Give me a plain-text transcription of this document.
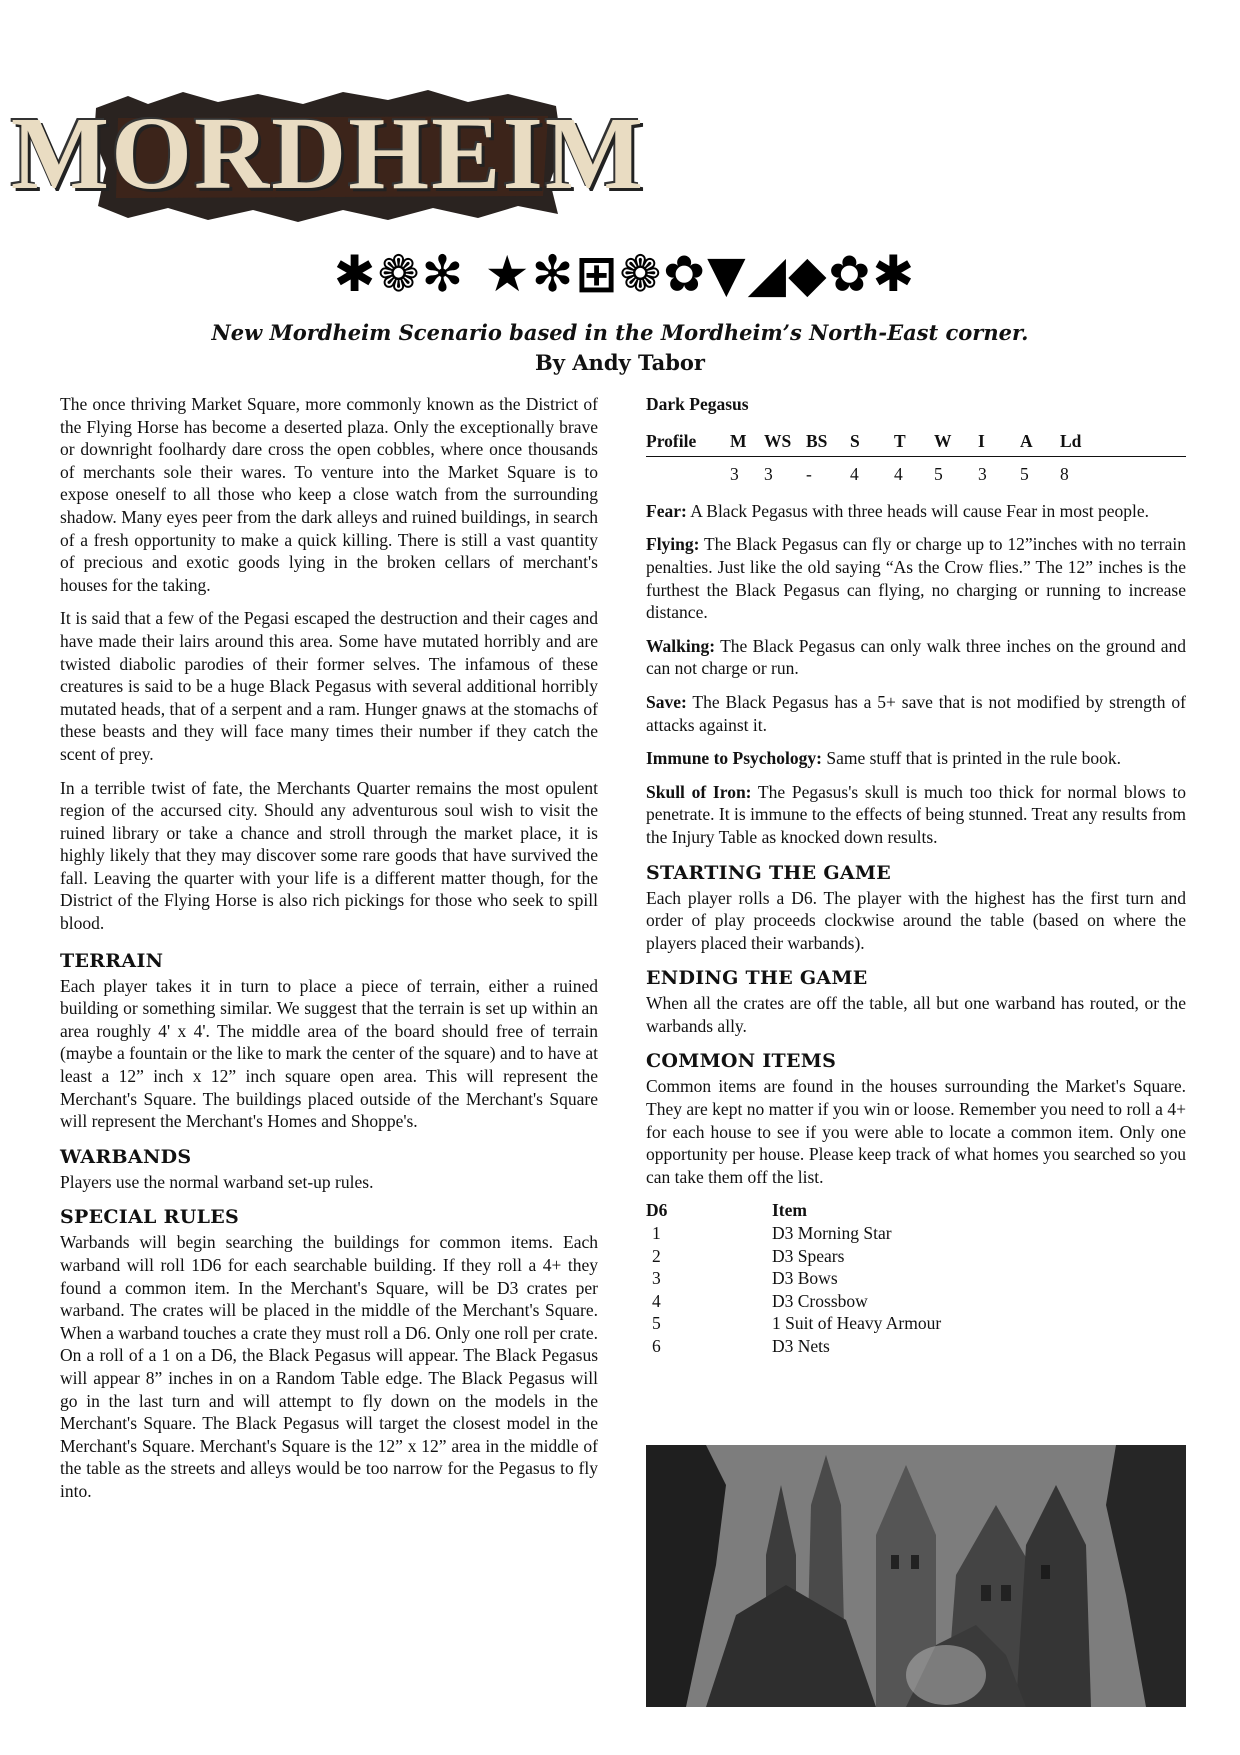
MORDHEIM
✱❁✻ ★✻⊞❁✿▼◢◆✿✱
New Mordheim Scenario based in the Mordheim’s North-East corner.
By Andy Tabor

The once thriving Market Square, more commonly known as the District of the Flying Horse has become a deserted plaza. Only the exceptionally brave or downright foolhardy dare cross the open cobbles, where once thousands of merchants sole their wares. To venture into the Market Square is to expose oneself to all those who keep a close watch from the surrounding shadow. Many eyes peer from the dark alleys and ruined buildings, in search of a fresh opportunity to make a quick killing. There is still a vast quantity of precious and exotic goods lying in the broken cellars of merchant's houses for the taking.

It is said that a few of the Pegasi escaped the destruction and their cages and have made their lairs around this area. Some have mutated horribly and are twisted diabolic parodies of their former selves. The infamous of these creatures is said to be a huge Black Pegasus with several additional horribly mutated heads, that of a serpent and a ram. Hunger gnaws at the stomachs of these beasts and they will face many times their number if they catch the scent of prey.

In a terrible twist of fate, the Merchants Quarter remains the most opulent region of the accursed city. Should any adventurous soul wish to visit the ruined library or take a chance and stroll through the market place, it is highly likely that they may discover some rare goods that have survived the fall. Leaving the quarter with your life is a different matter though, for the District of the Flying Horse is also rich pickings for those who seek to spill blood.

TERRAIN

Each player takes it in turn to place a piece of terrain, either a ruined building or something similar. We suggest that the terrain is set up within an area roughly 4' x 4'. The middle area of the board should free of terrain (maybe a fountain or the like to mark the center of the square) and to have at least a 12” inch x 12” inch square open area. This will represent the Merchant's Square. The buildings placed outside of the Merchant's Square will represent the Merchant's Homes and Shoppe's.

WARBANDS

Players use the normal warband set-up rules.

SPECIAL RULES

Warbands will begin searching the buildings for common items. Each warband will roll 1D6 for each searchable building. If they roll a 4+ they found a common item. In the Merchant's Square, will be D3 crates per warband. The crates will be placed in the middle of the Merchant's Square. When a warband touches a crate they must roll a D6. Only one roll per crate. On a roll of a 1 on a D6, the Black Pegasus will appear. The Black Pegasus will appear 8” inches in on a Random Table edge. The Black Pegasus will go in the last turn and will attempt to fly down on the models in the Merchant's Square. The Black Pegasus will target the closest model in the Merchant's Square. Merchant's Square is the 12” x 12” area in the middle of the table as the streets and alleys would be too narrow for the Pegasus to fly into.

Dark Pegasus
Profile	M	WS	BS	S	T	W	I	A	Ld
	3	3	-	4	4	5	3	5	8

Fear: A Black Pegasus with three heads will cause Fear in most people.

Flying: The Black Pegasus can fly or charge up to 12”inches with no terrain penalties. Just like the old saying “As the Crow flies.” The 12” inches is the furthest the Black Pegasus can flying, no charging or running to increase distance.

Walking: The Black Pegasus can only walk three inches on the ground and can not charge or run.

Save: The Black Pegasus has a 5+ save that is not modified by strength of attacks against it.

Immune to Psychology: Same stuff that is printed in the rule book.

Skull of Iron: The Pegasus's skull is much too thick for normal blows to penetrate. It is immune to the effects of being stunned. Treat any results from the Injury Table as knocked down results.

STARTING THE GAME

Each player rolls a D6. The player with the highest has the first turn and order of play proceeds clockwise around the table (based on where the players placed their warbands).

ENDING THE GAME

When all the crates are off the table, all but one warband has routed, or the warbands ally.

COMMON ITEMS

Common items are found in the houses surrounding the Market's Square. They are kept no matter if you win or loose. Remember you need to roll a 4+ for each house to see if you were able to locate a common item. Only one opportunity per house. Please keep track of what homes you searched so you can take them off the list.

D6	Item
1	D3 Morning Star
2	D3 Spears
3	D3 Bows
4	D3 Crossbow
5	1 Suit of Heavy Armour
6	D3 Nets
